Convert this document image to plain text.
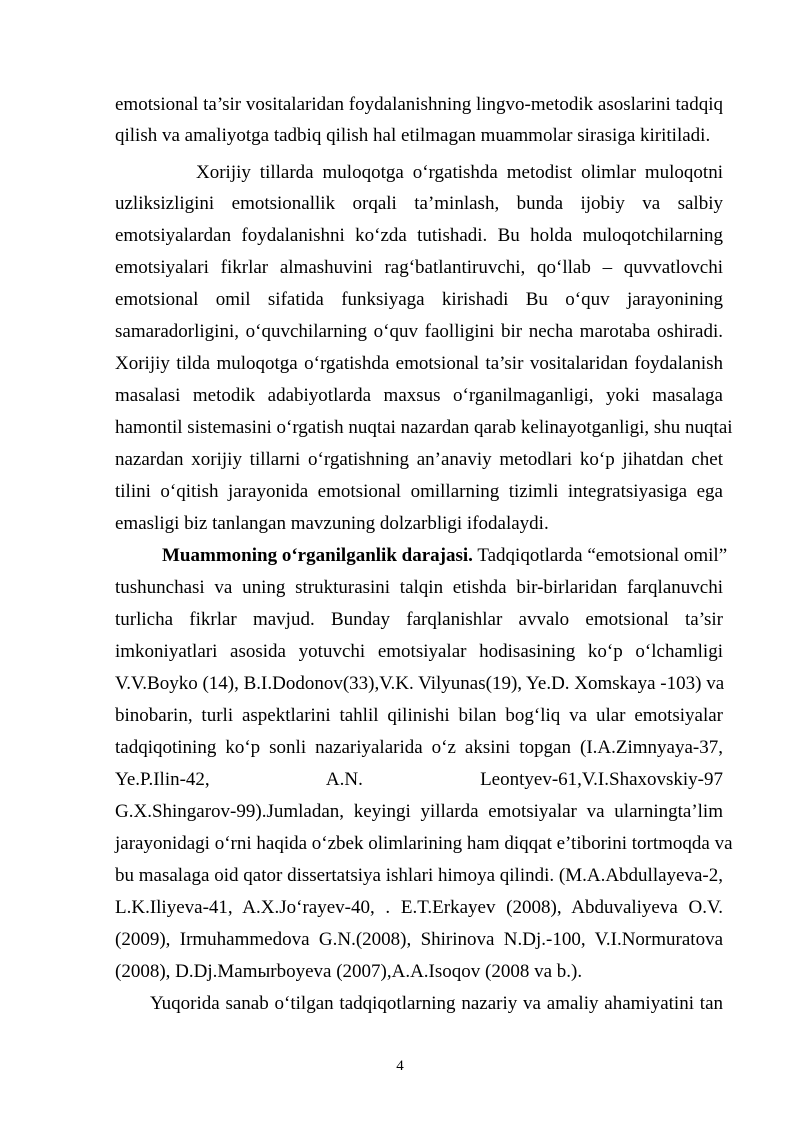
emotsional ta’sir vositalaridan foydalanishning lingvo-metodik asoslarini tadqiq
qilish va amaliyotga tadbiq qilish hal etilmagan muammolar sirasiga kiritiladi.
Xorijiy tillarda muloqotga o‘rgatishda metodist olimlar muloqotni
uzliksizligini emotsionallik orqali ta’minlash, bunda ijobiy va salbiy
emotsiyalardan foydalanishni ko‘zda tutishadi. Bu holda muloqotchilarning
emotsiyalari fikrlar almashuvini rag‘batlantiruvchi, qo‘llab – quvvatlovchi
emotsional omil sifatida funksiyaga kirishadi Bu o‘quv jarayonining
samaradorligini, o‘quvchilarning o‘quv faolligini bir necha marotaba oshiradi.
Xorijiy tilda muloqotga o‘rgatishda emotsional ta’sir vositalaridan foydalanish
masalasi metodik adabiyotlarda maxsus o‘rganilmaganligi, yoki masalaga
hamontil sistemasini o‘rgatish nuqtai nazardan qarab kelinayotganligi, shu nuqtai
nazardan xorijiy tillarni o‘rgatishning an’anaviy metodlari ko‘p jihatdan chet
tilini o‘qitish jarayonida emotsional omillarning tizimli integratsiyasiga ega
emasligi biz tanlangan mavzuning dolzarbligi ifodalaydi.
Muammoning o‘rganilganlik darajasi. Tadqiqotlarda “emotsional omil”
tushunchasi va uning strukturasini talqin etishda bir-birlaridan farqlanuvchi
turlicha fikrlar mavjud. Bunday farqlanishlar avvalo emotsional ta’sir
imkoniyatlari asosida yotuvchi emotsiyalar hodisasining ko‘p o‘lchamligi
V.V.Boyko (14), B.I.Dodonov(33),V.K. Vilyunas(19), Ye.D. Xomskaya -103) va
binobarin, turli aspektlarini tahlil qilinishi bilan bog‘liq va ular emotsiyalar
tadqiqotining ko‘p sonli nazariyalarida o‘z aksini topgan (I.A.Zimnyaya-37,
Ye.P.Ilin-42, A.N. Leontyev-61,V.I.Shaxovskiy-97
G.X.Shingarov-99).Jumladan, keyingi yillarda emotsiyalar va ularningta’lim
jarayonidagi o‘rni haqida o‘zbek olimlarining ham diqqat e’tiborini tortmoqda va
bu masalaga oid qator dissertatsiya ishlari himoya qilindi. (M.A.Abdullayeva-2,
L.K.Iliyeva-41, A.X.Jo‘rayev-40, . E.T.Erkayev (2008), Abduvaliyeva O.V.
(2009), Irmuhammedova G.N.(2008), Shirinova N.Dj.-100, V.I.Normuratova
(2008), D.Dj.Mamыrboyeva (2007),A.A.Isoqov (2008 va b.).
Yuqorida sanab o‘tilgan tadqiqotlarning nazariy va amaliy ahamiyatini tan
4
